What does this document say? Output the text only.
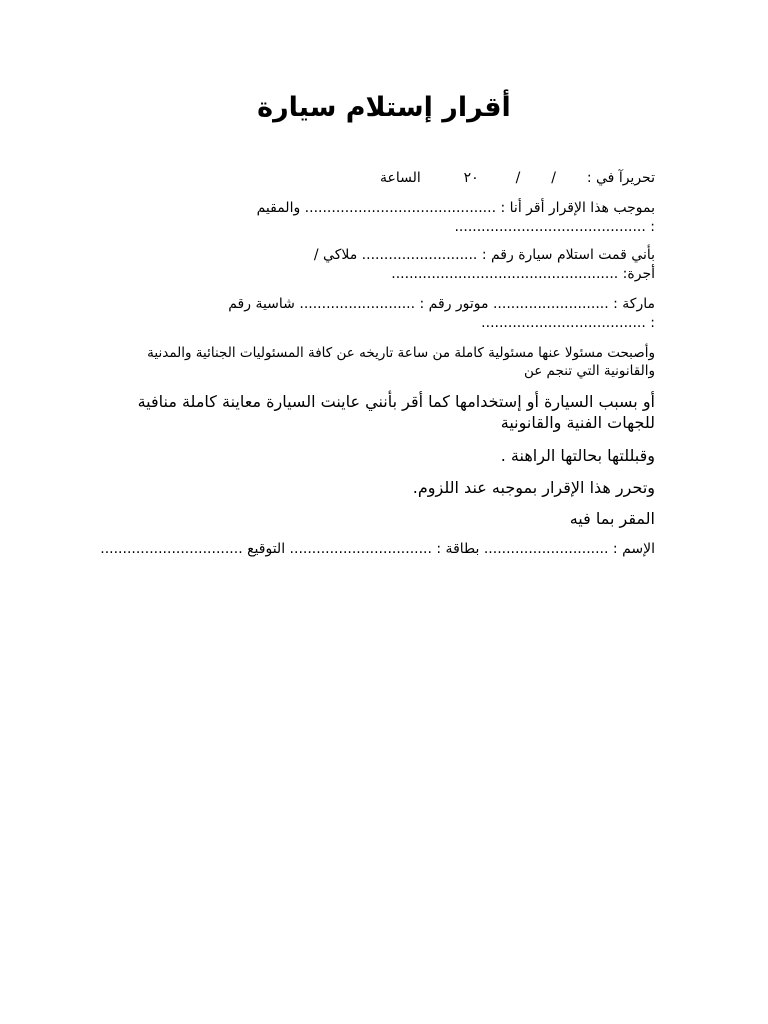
أقرار إستلام سيارة
تحريرآ في :  /  /  ٢٠  الساعة

بموجب هذا الإقرار أقر أنا : ........................................... والمقيم

: ...........................................

بأني قمت استلام سيارة رقم : .......................... ملاكي /

أجرة: ...................................................

ماركة : .......................... موتور رقم : .......................... شاسية رقم

: .....................................

وأصبحت مسئولا عنها مسئولية كاملة من ساعة تاريخه عن كافة المسئوليات الجنائية والمدنية والقانونية التي تنجم عن

أو بسبب السيارة أو إستخدامها كما أقر بأنني عاينت السيارة معاينة كاملة منافية للجهات الفنية والقانونية

وقبللتها بحالتها الراهنة .

وتحرر هذا الإقرار بموجبه عند اللزوم.

المقر بما فيه

الإسم : ............................ بطاقة : ................................ التوقيع ................................
